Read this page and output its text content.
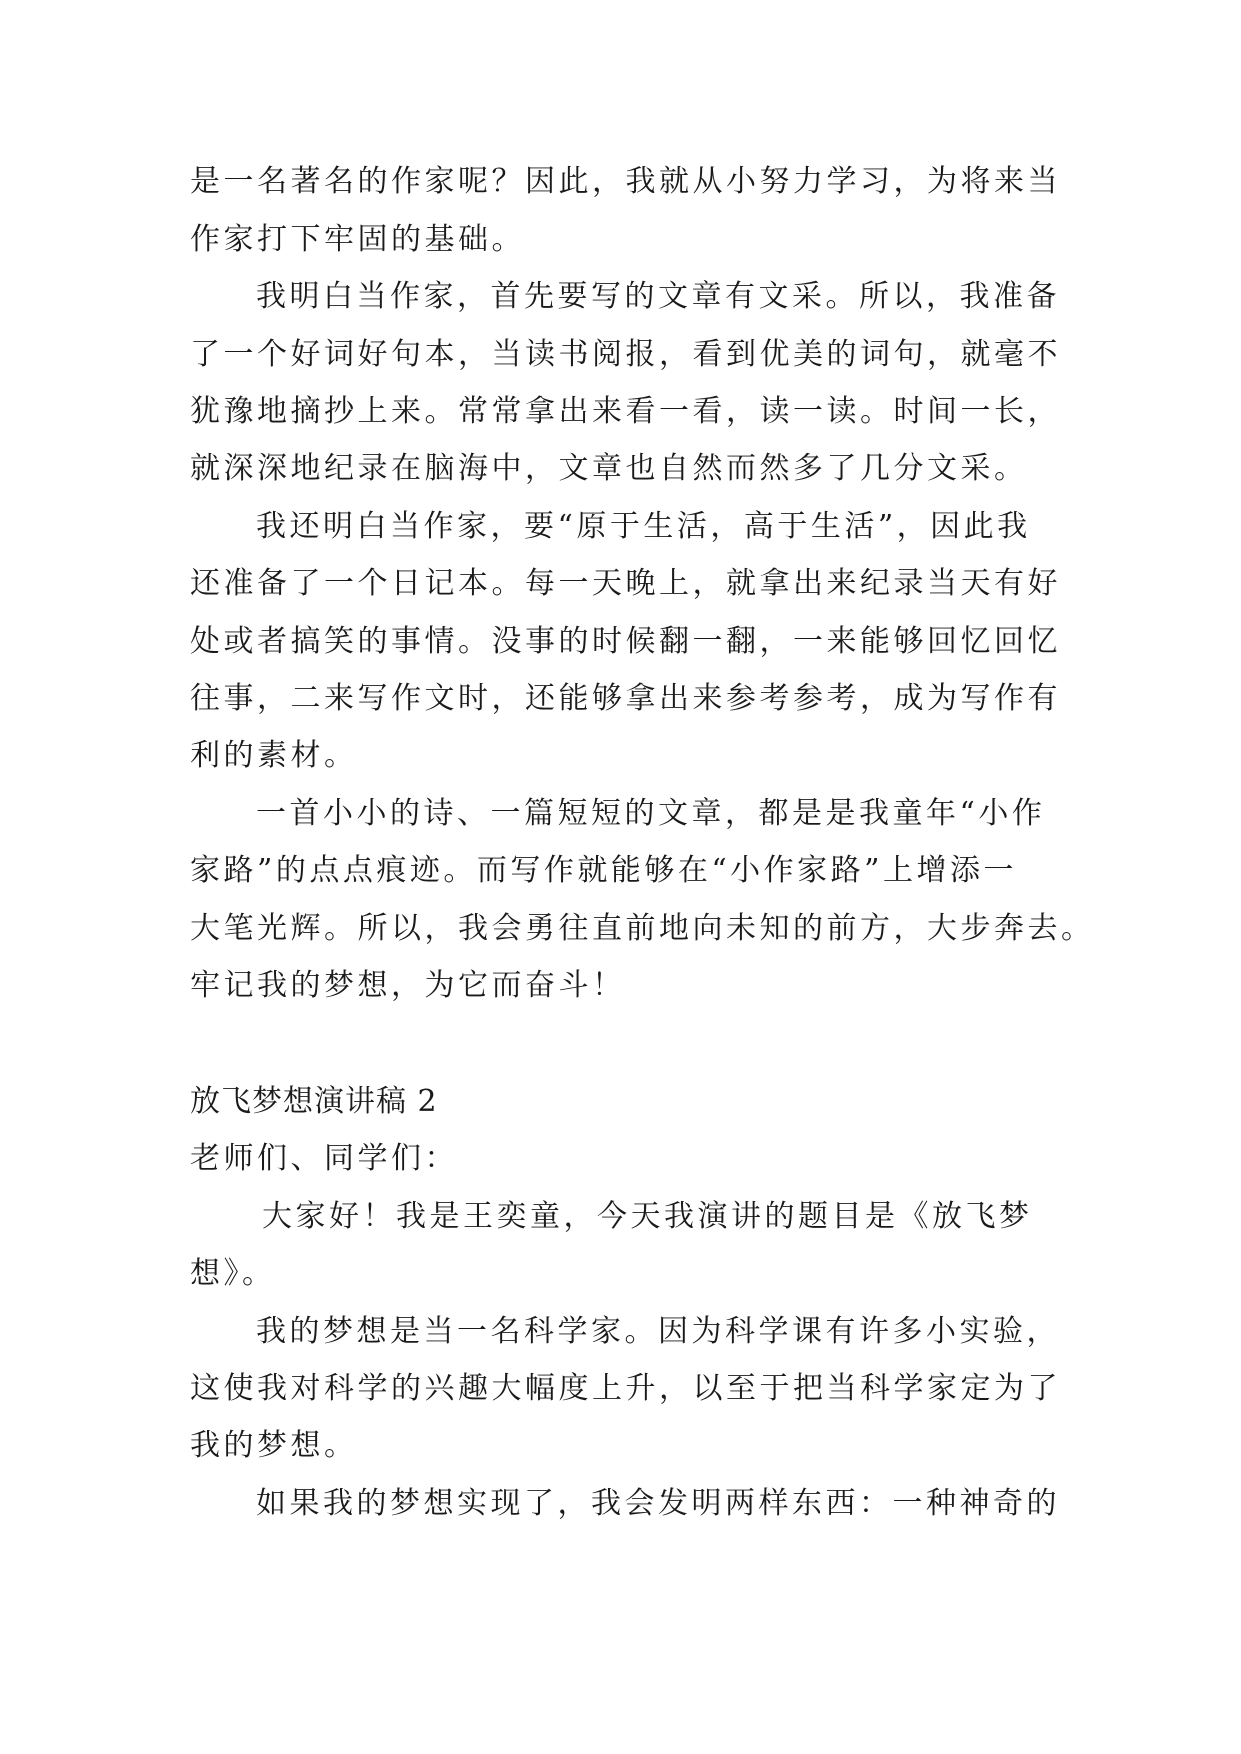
是一名著名的作家呢？因此，我就从小努力学习，为将来当

作家打下牢固的基础。

我明白当作家，首先要写的文章有文采。所以，我准备

了一个好词好句本，当读书阅报，看到优美的词句，就毫不

犹豫地摘抄上来。常常拿出来看一看，读一读。时间一长，

就深深地纪录在脑海中，文章也自然而然多了几分文采。

我还明白当作家，要“原于生活，高于生活”，因此我

还准备了一个日记本。每一天晚上，就拿出来纪录当天有好

处或者搞笑的事情。没事的时候翻一翻，一来能够回忆回忆

往事，二来写作文时，还能够拿出来参考参考，成为写作有

利的素材。

一首小小的诗、一篇短短的文章，都是是我童年“小作

家路”的点点痕迹。而写作就能够在“小作家路”上增添一

大笔光辉。所以，我会勇往直前地向未知的前方，大步奔去。

牢记我的梦想，为它而奋斗！

放飞梦想演讲稿 2

老师们、同学们：

大家好！我是王奕童，今天我演讲的题目是《放飞梦

想》。

我的梦想是当一名科学家。因为科学课有许多小实验，

这使我对科学的兴趣大幅度上升，以至于把当科学家定为了

我的梦想。

如果我的梦想实现了，我会发明两样东西：一种神奇的
